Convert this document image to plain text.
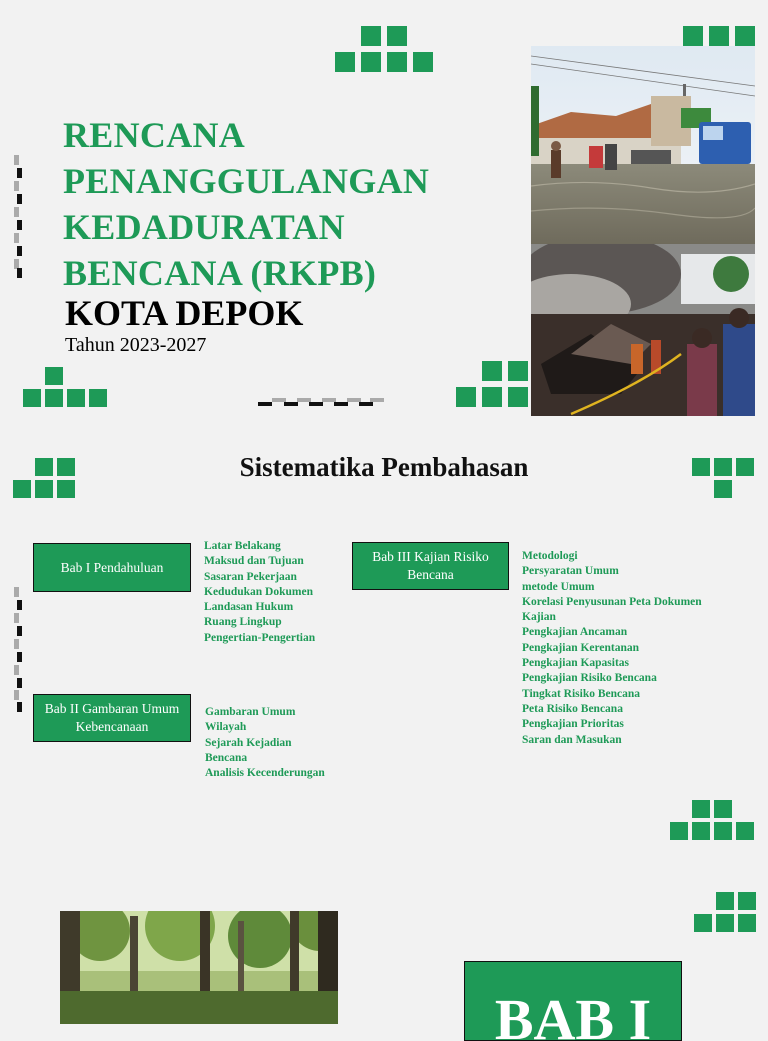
RENCANA
PENANGGULANGAN
KEDADURATAN
BENCANA (RKPB)
KOTA DEPOK
Tahun 2023-2027
Sistematika Pembahasan
Bab I Pendahuluan
Latar Belakang
Maksud dan Tujuan
Sasaran Pekerjaan
Kedudukan Dokumen
Landasan Hukum
Ruang Lingkup
Pengertian-Pengertian
Bab II Gambaran Umum Kebencanaan
Gambaran Umum
Wilayah
Sejarah Kejadian
Bencana
Analisis Kecenderungan
Bab III Kajian Risiko Bencana
Metodologi
Persyaratan Umum
metode Umum
Korelasi Penyusunan Peta Dokumen
Kajian
Pengkajian Ancaman
Pengkajian Kerentanan
Pengkajian Kapasitas
Pengkajian Risiko Bencana
Tingkat Risiko Bencana
Peta Risiko Bencana
Pengkajian Prioritas
Saran dan Masukan
BAB I
